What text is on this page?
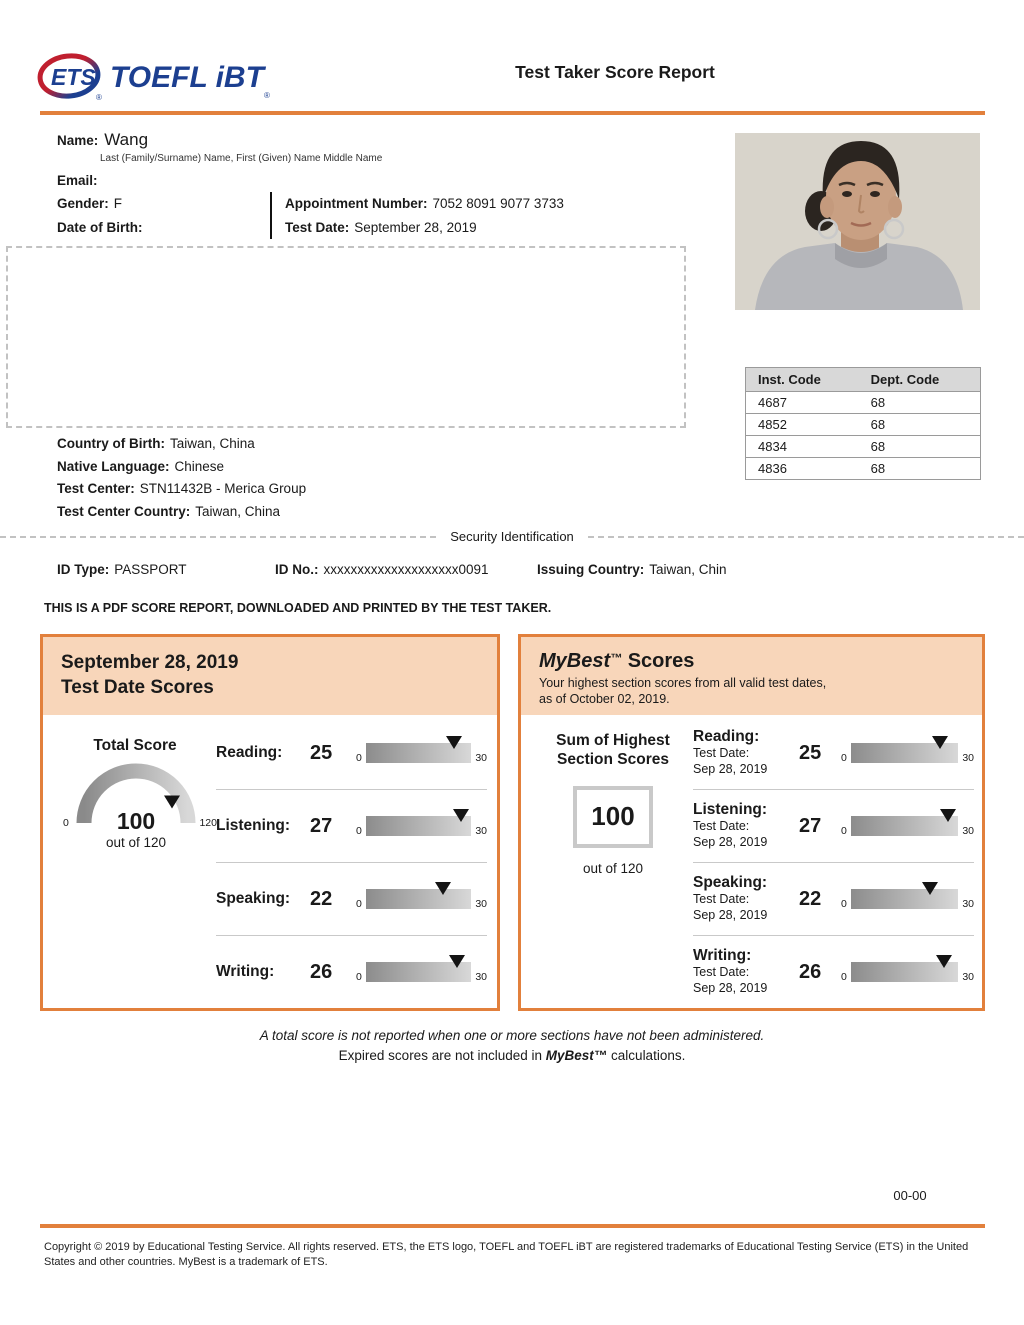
ETS
®
TOEFL iBT
®
Test Taker Score Report
Name: Wang
Last (Family/Surname) Name, First (Given) Name Middle Name
Email:
Gender: F
Date of Birth:
Appointment Number: 7052 8091 9077 3733
Test Date: September 28, 2019
Inst. Code	Dept. Code
4687	68
4852	68
4834	68
4836	68
Country of Birth: Taiwan, China
Native Language: Chinese
Test Center: STN11432B - Merica Group
Test Center Country: Taiwan, China
Security Identification
ID Type: PASSPORT	ID No.: xxxxxxxxxxxxxxxxxxxx0091	Issuing Country: Taiwan, Chin
THIS IS A PDF SCORE REPORT, DOWNLOADED AND PRINTED BY THE TEST TAKER.
September 28, 2019
Test Date Scores
Total Score
100
0	120
out of 120
Reading:	25	0	30
Listening: 27	0	30
Speaking: 22	0	30
Writing:	26	0	30
MyBest™ Scores
Your highest section scores from all valid test dates,
as of October 02, 2019.
Sum of Highest
Section Scores
100
out of 120
Reading:
Test Date:
Sep 28, 2019
25	0	30
Listening:
Test Date:
Sep 28, 2019
27	0	30
Speaking:
Test Date:
Sep 28, 2019
22	0	30
Writing:
Test Date:
Sep 28, 2019
26	0	30
A total score is not reported when one or more sections have not been administered.
Expired scores are not included in MyBest™ calculations.
00-00
Copyright © 2019 by Educational Testing Service. All rights reserved. ETS, the ETS logo, TOEFL and TOEFL iBT are registered trademarks of Educational Testing Service (ETS) in the United States and other countries. MyBest is a trademark of ETS.
